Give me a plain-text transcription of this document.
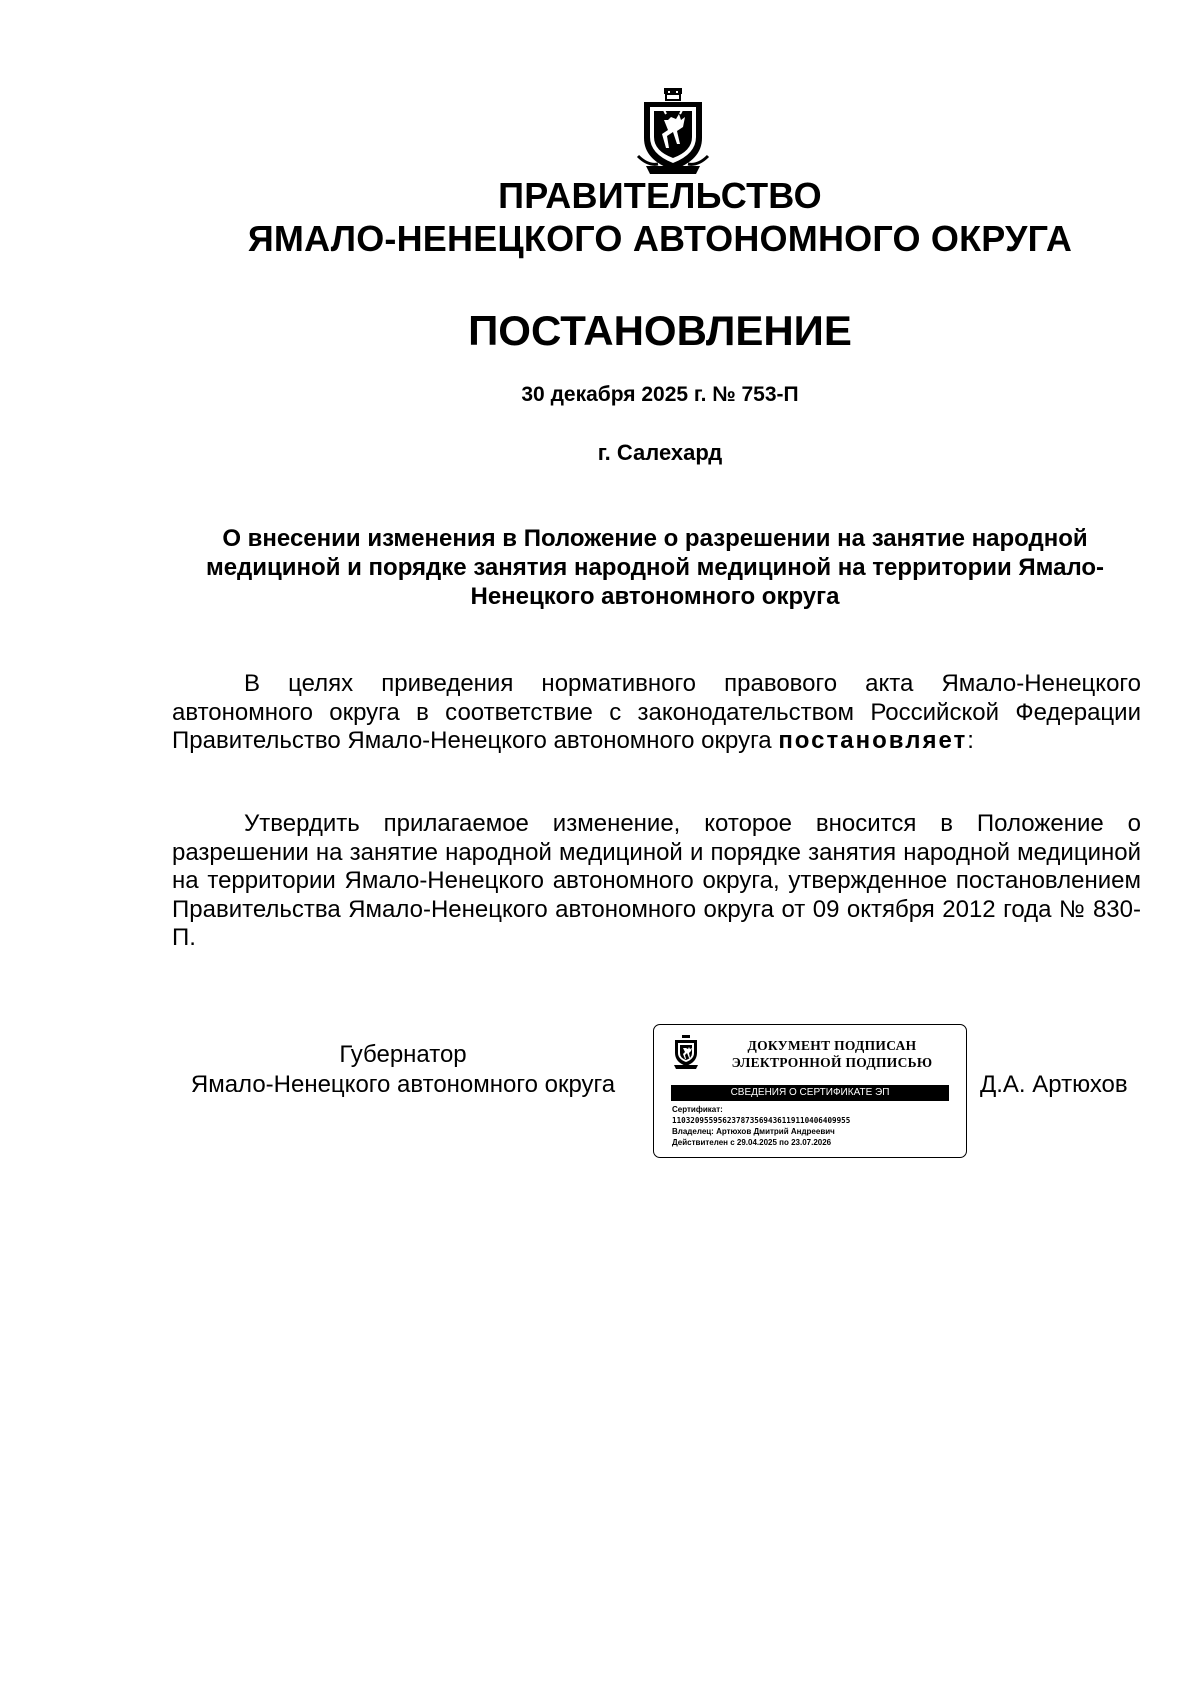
ПРАВИТЕЛЬСТВО
ЯМАЛО-НЕНЕЦКОГО АВТОНОМНОГО ОКРУГА
ПОСТАНОВЛЕНИЕ
30 декабря 2025 г. № 753-П
г. Салехард
О внесении изменения в Положение о разрешении на занятие народной медициной и порядке занятия народной медициной на территории Ямало-Ненецкого автономного округа
В целях приведения нормативного правового акта Ямало-Ненецкого автономного округа в соответствие с законодательством Российской Федерации Правительство Ямало-Ненецкого автономного округа постановляет:
Утвердить прилагаемое изменение, которое вносится в Положение о разрешении на занятие народной медициной и порядке занятия народной медициной на территории Ямало-Ненецкого автономного округа, утвержденное постановлением Правительства Ямало-Ненецкого автономного округа от 09 октября 2012 года № 830-П.
Губернатор
Ямало-Ненецкого автономного округа
ДОКУМЕНТ ПОДПИСАН
ЭЛЕКТРОННОЙ ПОДПИСЬЮ
СВЕДЕНИЯ О СЕРТИФИКАТЕ ЭП
Сертификат:
110320955956237873569436119110406409955
Владелец: Артюхов Дмитрий Андреевич
Действителен с 29.04.2025 по 23.07.2026
Д.А. Артюхов
